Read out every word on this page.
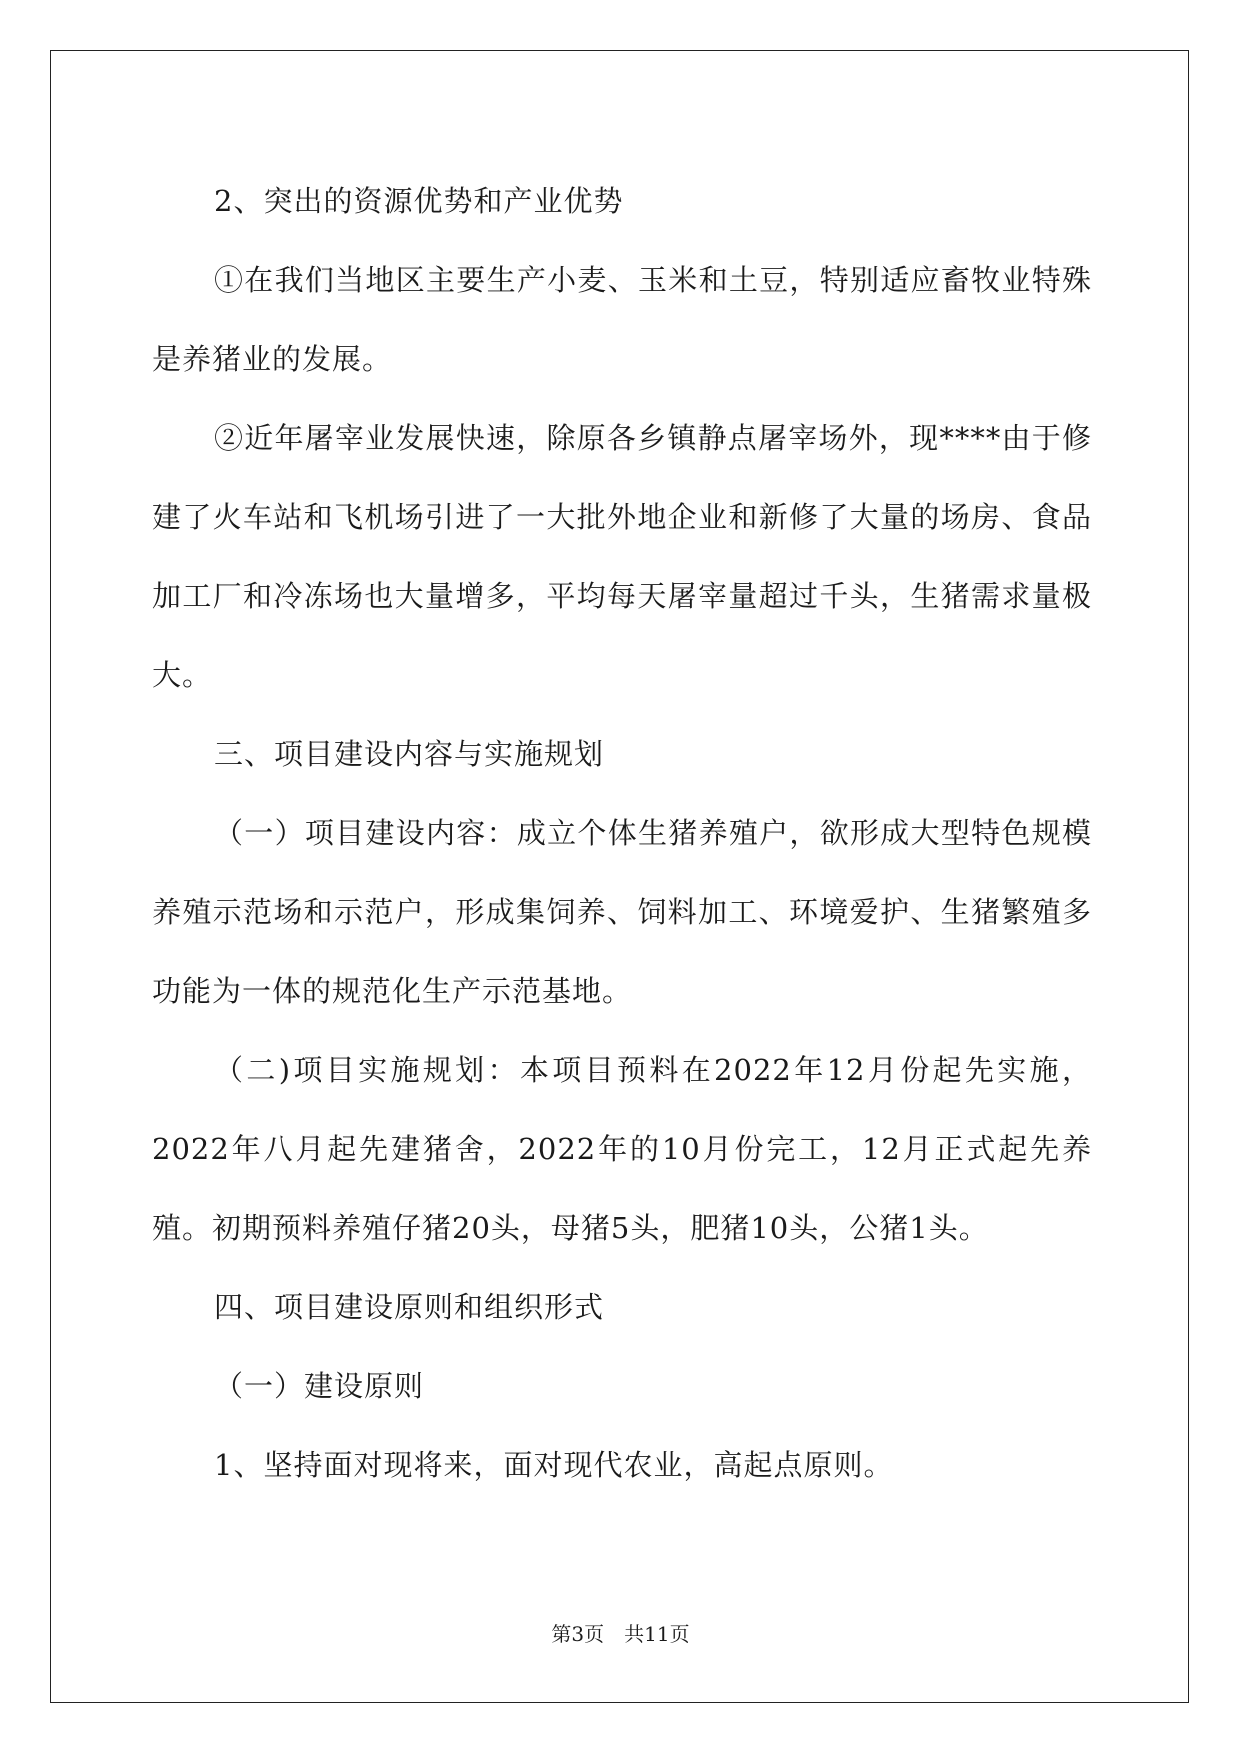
2、突出的资源优势和产业优势

①在我们当地区主要生产小麦、玉米和土豆，特别适应畜牧业特殊是养猪业的发展。

②近年屠宰业发展快速，除原各乡镇静点屠宰场外，现****由于修建了火车站和飞机场引进了一大批外地企业和新修了大量的场房、食品加工厂和冷冻场也大量增多，平均每天屠宰量超过千头，生猪需求量极大。

三、项目建设内容与实施规划

（一）项目建设内容：成立个体生猪养殖户，欲形成大型特色规模养殖示范场和示范户，形成集饲养、饲料加工、环境爱护、生猪繁殖多功能为一体的规范化生产示范基地。

（二)项目实施规划：本项目预料在2022年12月份起先实施，2022年八月起先建猪舍，2022年的10月份完工，12月正式起先养殖。初期预料养殖仔猪20头，母猪5头，肥猪10头，公猪1头。

四、项目建设原则和组织形式

（一）建设原则

1、坚持面对现将来，面对现代农业，高起点原则。

第3页　共11页
